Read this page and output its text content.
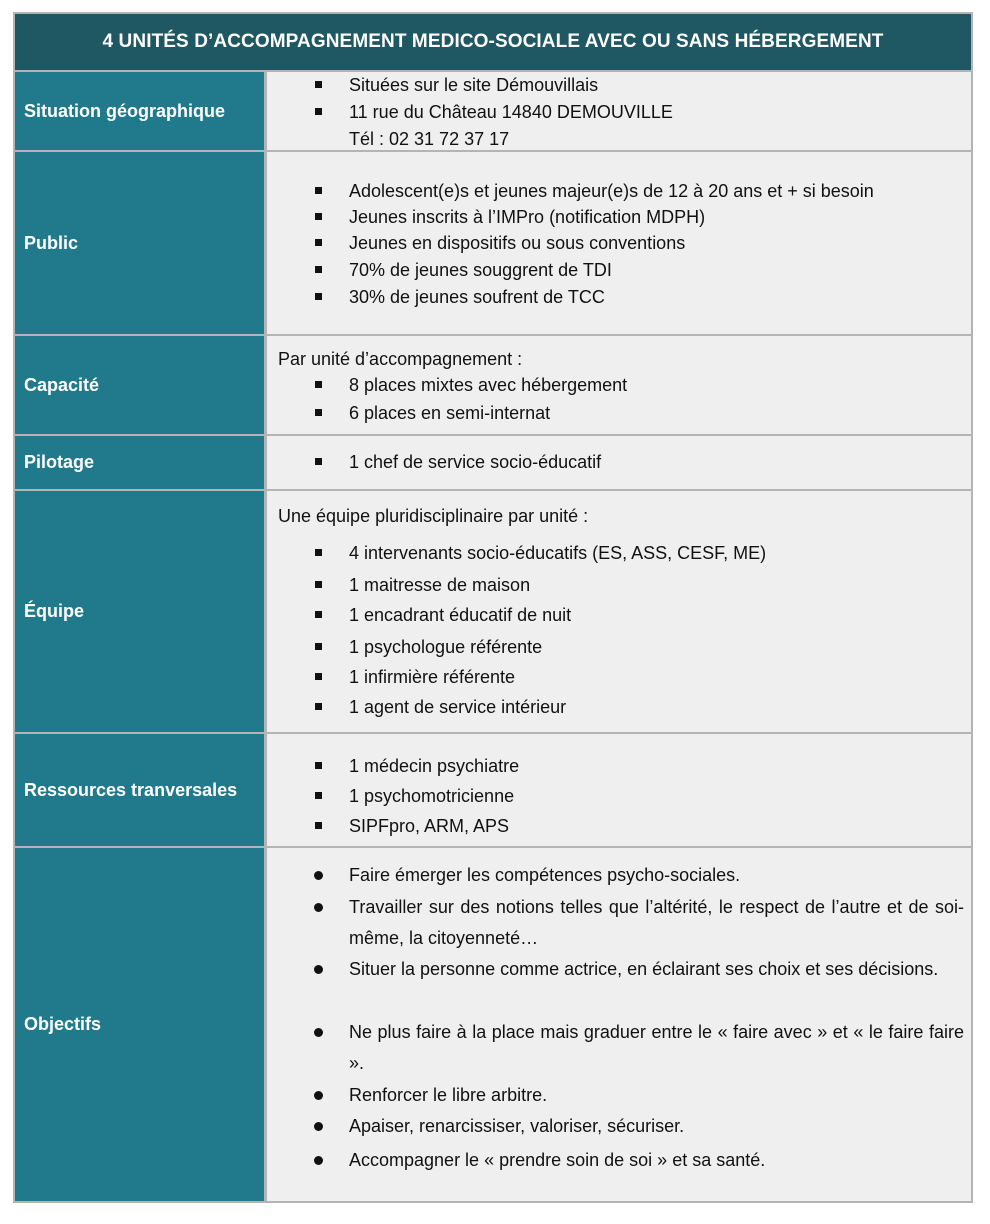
4 UNITÉS D’ACCOMPAGNEMENT MEDICO-SOCIALE AVEC OU SANS HÉBERGEMENT
Situation géographique
Situées sur le site Démouvillais
11 rue du Château 14840 DEMOUVILLE
Tél : 02 31 72 37 17
Public
Adolescent(e)s et jeunes majeur(e)s de 12 à 20 ans et + si besoin
Jeunes inscrits à l’IMPro (notification MDPH)
Jeunes en dispositifs ou sous conventions
70% de jeunes souggrent de TDI
30% de jeunes soufrent de TCC
Capacité
Par unité d’accompagnement :
8 places mixtes avec hébergement
6 places en semi-internat
Pilotage	1 chef de service socio-éducatif
Équipe
Une équipe pluridisciplinaire par unité :
4 intervenants socio-éducatifs (ES, ASS, CESF, ME)
1 maitresse de maison
1 encadrant éducatif de nuit
1 psychologue référente
1 infirmière référente
1 agent de service intérieur
Ressources tranversales
1 médecin psychiatre
1 psychomotricienne
SIPFpro, ARM, APS
Objectifs
Faire émerger les compétences psycho-sociales.
Travailler sur des notions telles que l’altérité, le respect de l’autre et de soi-même, la citoyenneté…
Situer la personne comme actrice, en éclairant ses choix et ses décisions.
Ne plus faire à la place mais graduer entre le « faire avec » et « le faire faire ».
Renforcer le libre arbitre.
Apaiser, renarcissiser, valoriser, sécuriser.
Accompagner le « prendre soin de soi » et sa santé.
